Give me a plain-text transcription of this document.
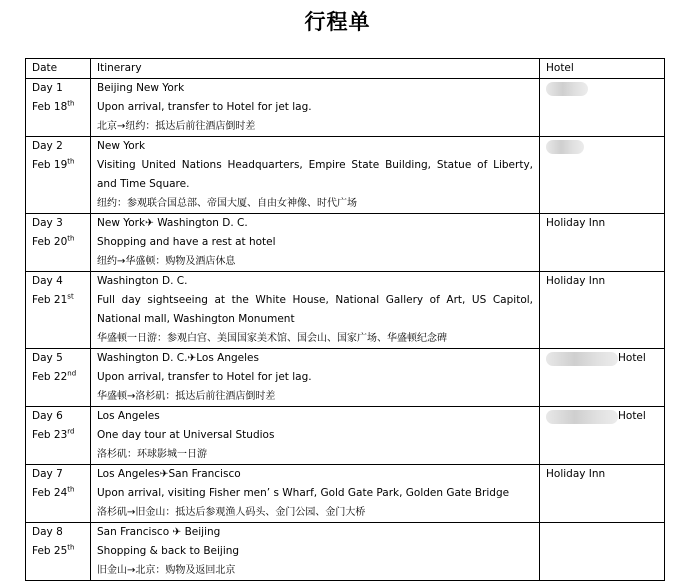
行程单
Date	Itinerary	Hotel

Day 1
Feb 18th	Beijing New York
Upon arrival, transfer to Hotel for jet lag.
北京→纽约：抵达后前往酒店倒时差	

Day 2
Feb 19th	New York
Visiting United Nations Headquarters, Empire State Building, Statue of Liberty, and Time Square.
纽约：参观联合国总部、帝国大厦、自由女神像、时代广场	

Day 3
Feb 20th	New York✈ Washington D. C.
Shopping and have a rest at hotel
纽约→华盛顿：购物及酒店休息	Holiday Inn

Day 4
Feb 21st	Washington D. C.
Full day sightseeing at the White House, National Gallery of Art, US Capitol, National mall, Washington Monument
华盛顿一日游：参观白宫、美国国家美术馆、国会山、国家广场、华盛顿纪念碑	Holiday Inn

Day 5
Feb 22nd	Washington D. C.✈Los Angeles
Upon arrival, transfer to Hotel for jet lag.
华盛顿→洛杉矶：抵达后前往酒店倒时差	Hotel

Day 6
Feb 23rd	Los Angeles
One day tour at Universal Studios
洛杉矶：环球影城一日游	Hotel

Day 7
Feb 24th	Los Angeles✈San Francisco
Upon arrival, visiting Fisher men’ s Wharf, Gold Gate Park, Golden Gate Bridge
洛杉矶→旧金山：抵达后参观渔人码头、金门公园、金门大桥	Holiday Inn

Day 8
Feb 25th	San Francisco ✈ Beijing
Shopping & back to Beijing
旧金山→北京：购物及返回北京	
